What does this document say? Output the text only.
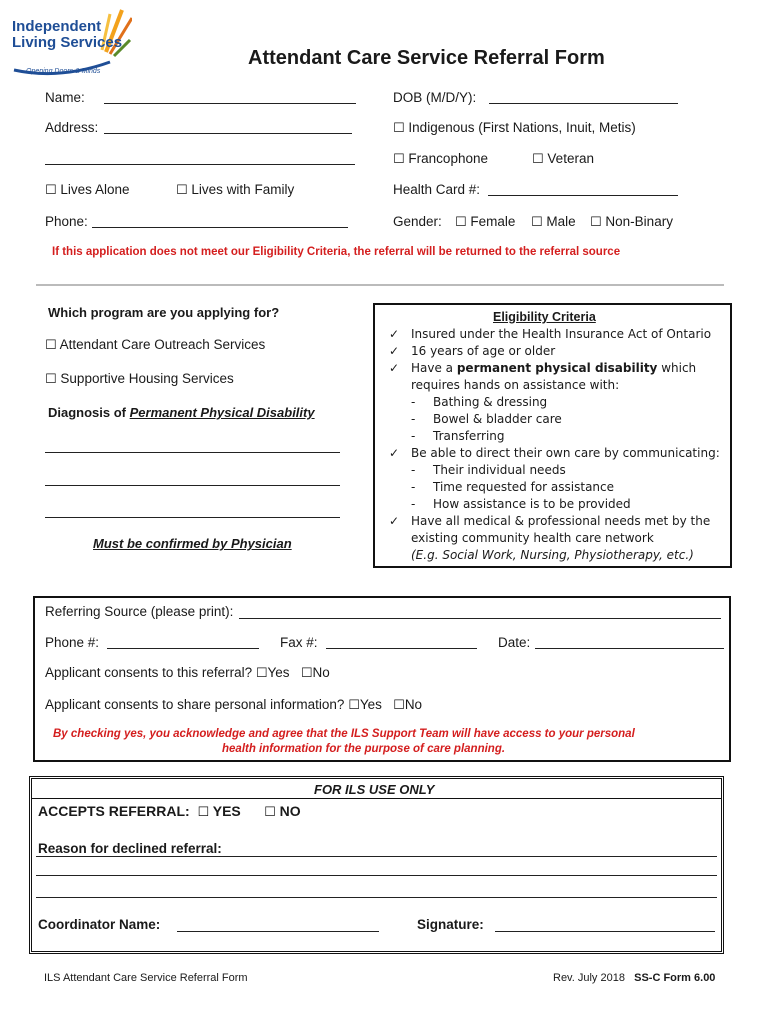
Independent
Living Services
Opening Doors & Minds
Attendant Care Service Referral Form
Name:	DOB (M/D/Y):
Address:	☐ Indigenous (First Nations, Inuit, Metis)
☐ Francophone	☐ Veteran
☐ Lives Alone	☐ Lives with Family	Health Card #:
Phone:	Gender: ☐ Female ☐ Male ☐ Non-Binary
If this application does not meet our Eligibility Criteria, the referral will be returned to the referral source
Which program are you applying for?
☐ Attendant Care Outreach Services
☐ Supportive Housing Services
Diagnosis of Permanent Physical Disability
Must be confirmed by Physician
Eligibility Criteria
✓ Insured under the Health Insurance Act of Ontario
✓ 16 years of age or older
✓ Have a permanent physical disability which
requires hands on assistance with:
- Bathing & dressing
- Bowel & bladder care
- Transferring
✓ Be able to direct their own care by communicating:
- Their individual needs
- Time requested for assistance
- How assistance is to be provided
✓ Have all medical & professional needs met by the
existing community health care network
(E.g. Social Work, Nursing, Physiotherapy, etc.)
Referring Source (please print):
Phone #:	Fax #:	Date:
Applicant consents to this referral? ☐Yes ☐No
Applicant consents to share personal information? ☐Yes ☐No
By checking yes, you acknowledge and agree that the ILS Support Team will have access to your personal
health information for the purpose of care planning.
FOR ILS USE ONLY
ACCEPTS REFERRAL: ☐ YES ☐ NO
Reason for declined referral:
Coordinator Name:	Signature:
ILS Attendant Care Service Referral Form	Rev. July 2018 SS-C Form 6.00
